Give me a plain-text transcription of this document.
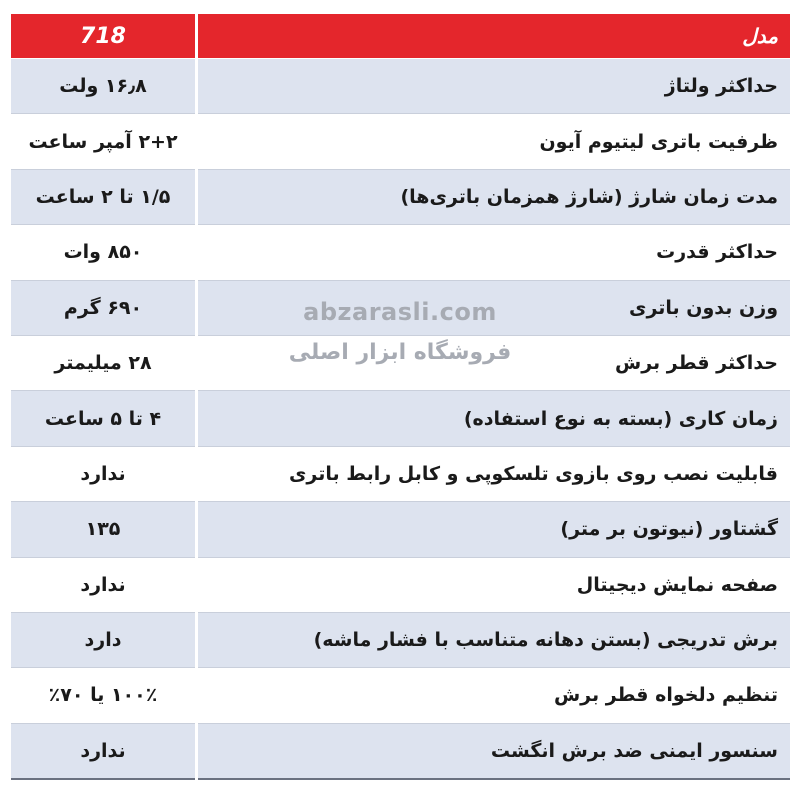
718	مدل
۱۶٫۸ ولت	حداکثر ولتاژ
۲+۲ آمپر ساعت	ظرفیت باتری لیتیوم آیون
۱/۵ تا ۲ ساعت	مدت زمان شارژ (شارژ همزمان باتری‌ها)
۸۵۰ وات	حداکثر قدرت
۶۹۰ گرم	وزن بدون باتری
۲۸ میلیمتر	حداکثر قطر برش
۴ تا ۵ ساعت	زمان کاری (بسته به نوع استفاده)
ندارد	قابلیت نصب روی بازوی تلسکوپی و کابل رابط باتری
۱۳۵	گشتاور (نیوتون بر متر)
ندارد	صفحه نمایش دیجیتال
دارد	برش تدریجی (بستن دهانه متناسب با فشار ماشه)
۱۰۰٪ یا ۷۰٪	تنظیم دلخواه قطر برش
ندارد	سنسور ایمنی ضد برش انگشت
abzarasli.com
فروشگاه ابزار اصلی
